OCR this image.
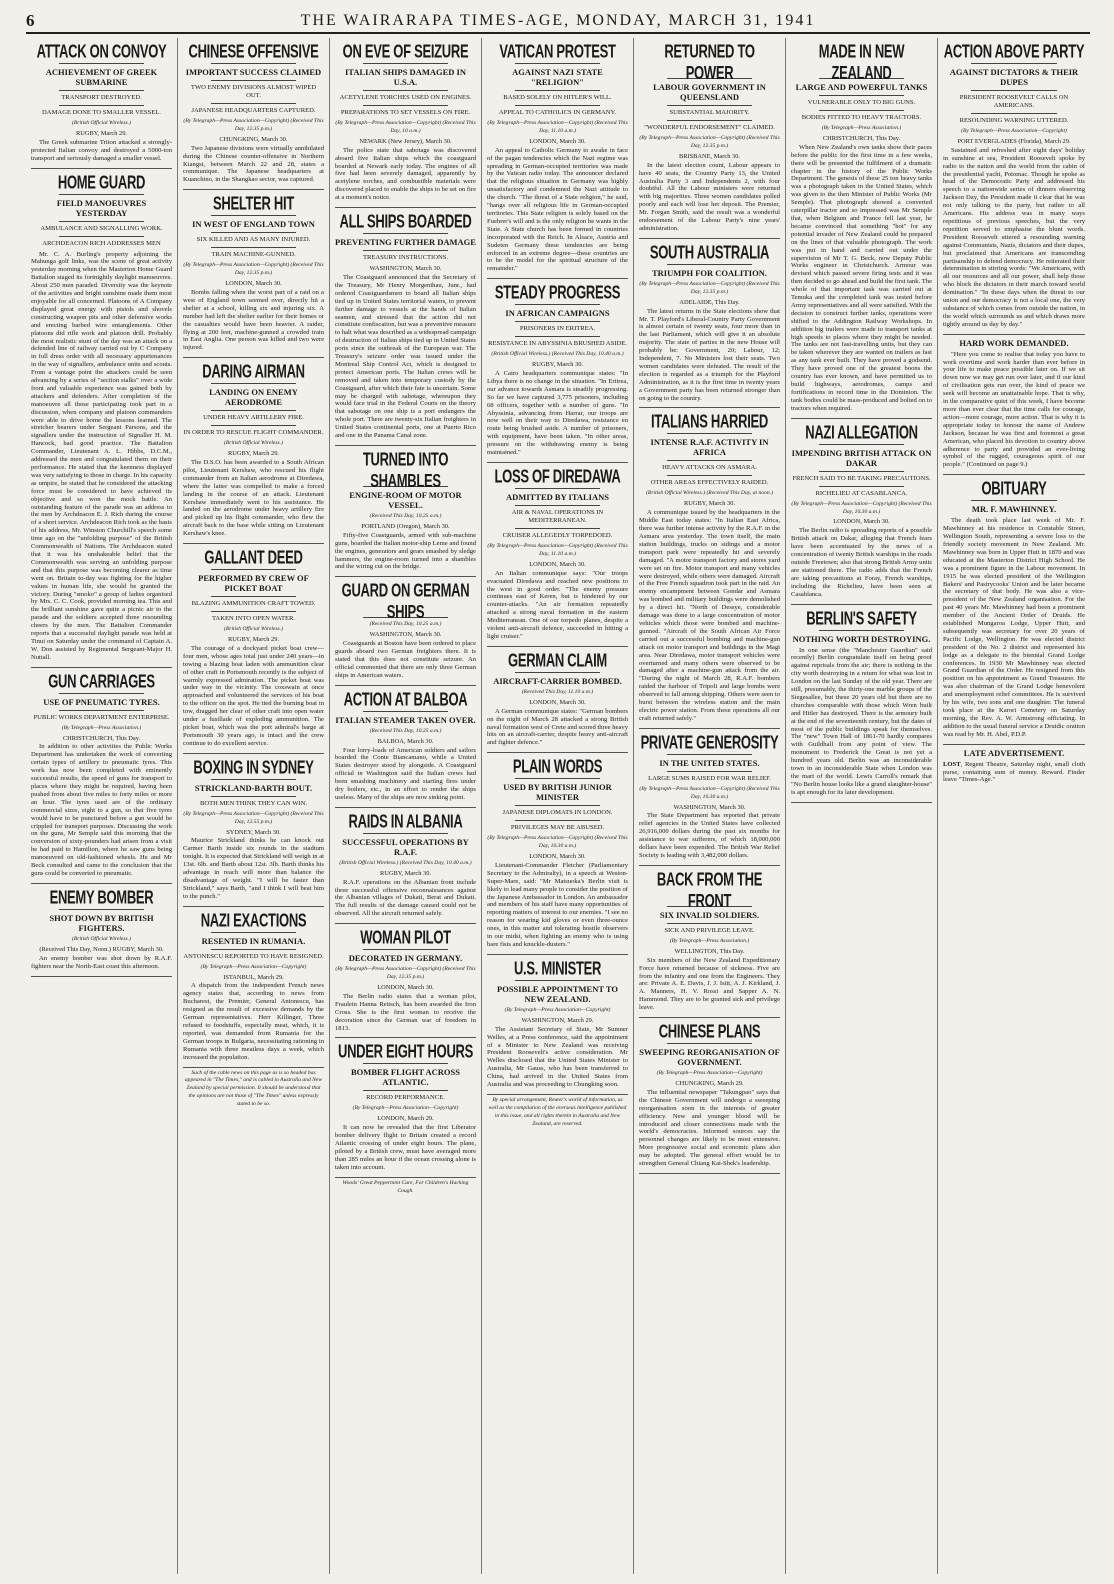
6	THE WAIRARAPA TIMES-AGE, MONDAY, MARCH 31, 1941
ATTACK ON CONVOY
ACHIEVEMENT OF GREEK SUBMARINE
TRANSPORT DESTROYED.
DAMAGE DONE TO SMALLER VESSEL.
(British Official Wireless.)
RUGBY, March 29.
The Greek submarine Triton attacked a strongly-protected Italian convoy and destroyed a 5000-ton transport and seriously damaged a smaller vessel.
HOME GUARD
FIELD MANOEUVRES YESTERDAY
AMBULANCE AND SIGNALLING WORK.
ARCHDEACON RICH ADDRESSES MEN
Mr. C. A. Burling's property adjoining the Mahunga golf links, was the scene of great activity yesterday morning when the Masterton Home Guard Battalion staged its fortnightly daylight manoeuvres. About 250 men paraded. Diversity was the keynote of the activities and bright sunshine made them most enjoyable for all concerned. Platoons of A Company displayed great energy with pistols and shovels constructing weapon pits and other defensive works and erecting barbed wire entanglements. Other platoons did rifle work and platoon drill. Probably the most realistic stunt of the day was an attack on a defended line of railway carried out by C Company in full dress order with all necessary appurtenances in the way of signallers, ambulance units and scouts. From a vantage point the attackers could be seen advancing by a series of "section stalks" over a wide front and valuable experience was gained both by attackers and defenders. After completion of the manoeuvre all those participating took part in a discussion, when company and platoon commanders were able to drive home the lessons learned. The stretcher bearers under Sergeant Parsons, and the signallers under the instruction of Signaller H. M. Hancock, had good practice. The Battalion Commander, Lieutenant A. L. Hibbs, D.C.M., addressed the men and congratulated them on their performance. He stated that the keenness displayed was very satisfying to those in charge. In his capacity as umpire, he stated that he considered the attacking force must be considered to have achieved its objective and so won the mock battle. An outstanding feature of the parade was an address to the men by Archdeacon E. J. Rich during the course of a short service. Archdeacon Rich took as the basis of his address, Mr. Winston Churchill's speech some time ago on the "unfolding purpose" of the British Commonwealth of Nations. The Archdeacon stated that it was his unshakeable belief that the Commonwealth was serving an unfolding purpose and that this purpose was becoming clearer as time went on. Britain to-day was fighting for the higher values in human life, she would be granted the victory. During "smoko" a group of ladies organised by Mrs. C. C. Cook, provided morning tea. This and the brilliant sunshine gave quite a picnic air to the parade and the soldiers accepted three resounding cheers by the men. The Battalion Commander reports that a successful daylight parade was held at Tinui on Saturday under the command of Captain A. W. Don assisted by Regimental Sergeant-Major H. Nuttall.
GUN CARRIAGES
USE OF PNEUMATIC TYRES.
PUBLIC WORKS DEPARTMENT ENTERPRISE.
(By Telegraph—Press Association.)
CHRISTCHURCH, This Day.
In addition to other activities the Public Works Department has undertaken the work of converting certain types of artillery to pneumatic tyres. This work has now been completed with eminently successful results, the speed of guns for transport to places where they might be required, having been pushed from about five miles to forty miles or more an hour. The tyres used are of the ordinary commercial sizes, eight to a gun, so that five tyres would have to be punctured before a gun would be crippled for transport purposes. Discussing the work on the guns, Mr Semple said this morning that the conversion of sixty-pounders had arisen from a visit he had paid to Hamilton, where he saw guns being manoeuvred on old-fashioned wheels. He and Mr Beck consulted and came to the conclusion that the guns could be converted to pneumatic.
ENEMY BOMBER
SHOT DOWN BY BRITISH FIGHTERS.
(British Official Wireless.)
(Received This Day, Noon.) RUGBY, March 30.
An enemy bomber was shot down by R.A.F. fighters near the North-East coast this afternoon.
CHINESE OFFENSIVE
IMPORTANT SUCCESS CLAIMED
TWO ENEMY DIVISIONS ALMOST WIPED OUT.
JAPANESE HEADQUARTERS CAPTURED.
(By Telegraph—Press Association—Copyright) (Received This Day, 12.35 p.m.)
CHUNGKING, March 30.
Two Japanese divisions were virtually annihilated during the Chinese counter-offensive in Northern Kiangsi, between March 22 and 28, states a communique. The Japanese headquarters at Kuanchino, in the Shangkao sector, was captured.
SHELTER HIT
IN WEST OF ENGLAND TOWN
SIX KILLED AND AS MANY INJURED.
TRAIN MACHINE-GUNNED.
(By Telegraph—Press Association—Copyright) (Received This Day, 12.35 p.m.)
LONDON, March 30.
Bombs falling when the worst part of a raid on a west of England town seemed over, directly hit a shelter at a school, killing six and injuring six. A number had left the shelter earlier for their homes or the casualties would have been heavier. A raider, flying at 200 feet, machine-gunned a crowded train in East Anglia. One person was killed and two were injured.
DARING AIRMAN
LANDING ON ENEMY AERODROME
UNDER HEAVY ARTILLERY FIRE.
IN ORDER TO RESCUE FLIGHT COMMANDER.
(British Official Wireless.)
RUGBY, March 29.
The D.S.O. has been awarded to a South African pilot, Lieutenant Kershaw, who rescued his flight commander from an Italian aerodrome at Diredawa, where the latter was compelled to make a forced landing in the course of an attack. Lieutenant Kershaw immediately went to his assistance. He landed on the aerodrome under heavy artillery fire and picked up his flight commander, who flew the aircraft back to the base while sitting on Lieutenant Kershaw's knee.
GALLANT DEED
PERFORMED BY CREW OF PICKET BOAT
BLAZING AMMUNITION CRAFT TOWED.
TAKEN INTO OPEN WATER.
(British Official Wireless.)
RUGBY, March 29.
The courage of a dockyard picket boat crew—four men, whose ages total just under 240 years—in towing a blazing boat laden with ammunition clear of other craft in Portsmouth recently is the subject of warmly expressed admiration. The picket boat was under way in the vicinity. The coxswain at once approached and volunteered the services of his boat to the officer on the spot. He tied the burning boat in tow, dragged her clear of other craft into open water under a fusillade of exploding ammunition. The picket boat, which was the port admiral's barge at Portsmouth 30 years ago, is intact and the crew continue to do excellent service.
BOXING IN SYDNEY
STRICKLAND-BARTH BOUT.
BOTH MEN THINK THEY CAN WIN.
(By Telegraph—Press Association—Copyright) (Received This Day, 12.55 p.m.)
SYDNEY, March 30.
Maurice Strickland thinks he can knock out Carmer Barth inside six rounds in the stadium tonight. It is expected that Strickland will weigh in at 13st. 6lb. and Barth about 12st. 3lb. Barth thinks his advantage in reach will more than balance the disadvantage of weight. "I will be faster than Strickland," says Barth, "and I think I will beat him to the punch."
NAZI EXACTIONS
RESENTED IN RUMANIA.
ANTONESCU REPORTED TO HAVE RESIGNED.
(By Telegraph—Press Association—Copyright)
ISTANBUL, March 29.
A dispatch from the independent French news agency states that, according to news from Bucharest, the Premier, General Antonescu, has resigned as the result of excessive demands by the German representatives. Herr Killinger, Three refused to foodstuffs, especially meat, which, it is reported, was demanded from Rumania for the German troops in Bulgaria, necessitating rationing in Rumania with three meatless days a week, which increased the population.
Such of the cable news on this page as is so headed has appeared in "The Times," and is cabled to Australia and New Zealand by special permission. It should be understood that the opinions are not those of "The Times" unless expressly stated to be so.
ON EVE OF SEIZURE
ITALIAN SHIPS DAMAGED IN U.S.A.
ACETYLENE TORCHES USED ON ENGINES.
PREPARATIONS TO SET VESSELS ON FIRE.
(By Telegraph—Press Association—Copyright) (Received This Day, 10 a.m.)
NEWARK (New Jersey), March 30.
The police state that sabotage was discovered aboard five Italian ships which the coastguard boarded at Newark early today. The engines of all five had been severely damaged, apparently by acetylene torches, and combustible materials were discovered placed to enable the ships to be set on fire at a moment's notice.
ALL SHIPS BOARDED
PREVENTING FURTHER DAMAGE
TREASURY INSTRUCTIONS.
WASHINGTON, March 30.
The Coastguard announced that the Secretary of the Treasury, Mr Henry Morgenthau, Junr., had ordered Coastguardsmen to board all Italian ships tied up in United States territorial waters, to prevent further damage to vessels at the hands of Italian seamen, and stressed that the action did not constitute confiscation, but was a preventive measure to halt what was described as a widespread campaign of destruction of Italian ships tied up in United States ports since the outbreak of the European war. The Treasury's seizure order was issued under the Montreal Ship Control Act, which is designed to protect American ports. The Italian crews will be removed and taken into temporary custody by the Coastguard, after which their fate is uncertain. Some may be charged with sabotage, whereupon they would face trial in the Federal Courts on the theory that sabotage on one ship is a port endangers the whole port. There are twenty-six Italian freighters in United States continental ports, one at Puerto Rico and one in the Panama Canal zone.
TURNED INTO SHAMBLES
ENGINE-ROOM OF MOTOR VESSEL.
(Received This Day, 10.25 a.m.)
PORTLAND (Oregon), March 30.
Fifty-five Coastguards, armed with sub-machine guns, boarded the Italian motor-ship Leme and found the engines, generators and gears smashed by sledge hammers, the engine-room turned into a shambles and the wiring cut on the bridge.
GUARD ON GERMAN SHIPS
(Received This Day, 10.25 a.m.)
WASHINGTON, March 30.
Coastguards at Boston have been ordered to place guards aboard two German freighters there. It is stated that this does not constitute seizure. An official commented that there are only three German ships in American waters.
ACTION AT BALBOA
ITALIAN STEAMER TAKEN OVER.
(Received This Day, 10.25 a.m.)
BALBOA, March 30.
Four lorry-loads of American soldiers and sailors boarded the Conte Biancamano, while a United States destroyer stood by alongside. A Coastguard official in Washington said the Italian crews had been smashing machinery and starting fires under dry boilers, etc., in an effort to render the ships useless. Many of the ships are now sinking point.
RAIDS IN ALBANIA
SUCCESSFUL OPERATIONS BY R.A.F.
(British Official Wireless.) (Received This Day, 10.40 a.m.)
RUGBY, March 30.
R.A.F. operations on the Albanian front include three successful offensive reconnaissances against the Albanian villages of Dukati, Berat and Dukati. The full results of the damage caused could not be observed. All the aircraft returned safely.
WOMAN PILOT
DECORATED IN GERMANY.
(By Telegraph—Press Association—Copyright) (Received This Day, 12.35 p.m.)
LONDON, March 30.
The Berlin radio states that a woman pilot, Fraulein Hanna Reitsch, has been awarded the Iron Cross. She is the first woman to receive the decoration since the German war of freedom in 1813.
UNDER EIGHT HOURS
BOMBER FLIGHT ACROSS ATLANTIC.
RECORD PERFORMANCE.
(By Telegraph—Press Association—Copyright)
LONDON, March 29.
It can now be revealed that the first Liberator bomber delivery flight to Britain created a record Atlantic crossing of under eight hours. The plane, piloted by a British crew, must have averaged more than 285 miles an hour if the ocean crossing alone is taken into account.
Woods' Great Peppermint Cure, For Children's Hacking Cough.
VATICAN PROTEST
AGAINST NAZI STATE "RELIGION"
BASED SOLELY ON HITLER'S WILL.
APPEAL TO CATHOLICS IN GERMANY.
(By Telegraph—Press Association—Copyright) (Received This Day, 11.10 a.m.)
LONDON, March 30.
An appeal to Catholic Germany to awake in face of the pagan tendencies which the Nazi regime was spreading in German-occupied territories was made by the Vatican radio today. The announcer declared that the religious situation in Germany was highly unsatisfactory and condemned the Nazi attitude to the church. "The threat of a State religion," he said, "hangs over all religious life in German-occupied territories. This State religion is solely based on the Fuehrer's will and is the only religion he wants in the State. A State church has been formed in countries incorporated with the Reich. In Alsace, Austria and Sudeten Germany these tendencies are being enforced in an extreme degree—these countries are to be the model for the spiritual structure of the remainder."
STEADY PROGRESS
IN AFRICAN CAMPAIGNS
PRISONERS IN ERITREA.
RESISTANCE IN ABYSSINIA BRUSHED ASIDE.
(British Official Wireless.) (Received This Day, 10.40 a.m.)
RUGBY, March 30.
A Cairo headquarters communique states: "In Libya there is no change in the situation. "In Eritrea, our advance towards Asmara is steadily progressing. So far we have captured 3,775 prisoners, including 68 officers, together with a number of guns. "In Abyssinia, advancing from Harrar, our troops are now well on their way to Diredawa, resistance en route being brushed aside. A number of prisoners, with equipment, have been taken. "In other areas, pressure on the withdrawing enemy is being maintained."
LOSS OF DIREDAWA
ADMITTED BY ITALIANS
AIR & NAVAL OPERATIONS IN MEDITERRANEAN.
CRUISER ALLEGEDLY TORPEDOED.
(By Telegraph—Press Association—Copyright) (Received This Day, 11.10 a.m.)
LONDON, March 30.
An Italian communique says: "Our troops evacuated Diredawa and reached new positions to the west in good order. "The enemy pressure continues east of Keren, but is hindered by our counter-attacks. "An air formation repeatedly attacked a strong naval formation in the eastern Mediterranean. One of our torpedo planes, despite a violent anti-aircraft defence, succeeded in hitting a light cruiser."
GERMAN CLAIM
AIRCRAFT-CARRIER BOMBED.
(Received This Day, 11.10 a.m.)
LONDON, March 30.
A German communique states: "German bombers on the night of March 28 attacked a strong British naval formation west of Crete and scored three heavy hits on an aircraft-carrier, despite heavy anti-aircraft and fighter defence."
PLAIN WORDS
USED BY BRITISH JUNIOR MINISTER
JAPANESE DIPLOMATS IN LONDON.
PRIVILEGES MAY BE ABUSED.
(By Telegraph—Press Association—Copyright) (Received This Day, 10.30 a.m.)
LONDON, March 30.
Lieutenant-Commander Fletcher (Parliamentary Secretary to the Admiralty), in a speech at Weston-Super-Mare, said: "Mr Matsuoka's Berlin visit is likely to lead many people to consider the position of the Japanese Ambassador in London. An ambassador and members of his staff have many opportunities of reporting matters of interest to our enemies. "I see no reason for wearing kid gloves or even three-ounce ones, in this matter and tolerating hostile observers in our midst, when fighting an enemy who is using bare fists and knuckle-dusters."
U.S. MINISTER
POSSIBLE APPOINTMENT TO NEW ZEALAND.
(By Telegraph—Press Association—Copyright)
WASHINGTON, March 29.
The Assistant Secretary of State, Mr Sumner Welles, at a Press conference, said the appointment of a Minister to New Zealand was receiving President Roosevelt's active consideration. Mr Welles disclosed that the United States Minister to Australia, Mr Gauss, who has been transferred to China, had arrived in the United States from Australia and was proceeding to Chungking soon.
By special arrangement, Reuter's world of information, as well as the compilation of the overseas intelligence published in this issue, and all rights therein in Australia and New Zealand, are reserved.
RETURNED TO POWER
LABOUR GOVERNMENT IN QUEENSLAND
SUBSTANTIAL MAJORITY.
"WONDERFUL ENDORSEMENT" CLAIMED.
(By Telegraph—Press Association—Copyright) (Received This Day, 12.35 p.m.)
BRISBANE, March 30.
In the latest election count, Labour appears to have 40 seats, the Country Party 13, the United Australia Party 3 and Independents 2, with four doubtful. All the Labour ministers were returned with big majorities. Three women candidates polled poorly and each will lose her deposit. The Premier, Mr. Forgan Smith, said the result was a wonderful endorsement of the Labour Party's nine years' administration.
SOUTH AUSTRALIA
TRIUMPH FOR COALITION.
(By Telegraph—Press Association—Copyright) (Received This Day, 12.35 p.m.)
ADELAIDE, This Day.
The latest returns in the State elections show that Mr. T. Playford's Liberal-Country Party Government is almost certain of twenty seats, four more than in the last Parliament, which will give it an absolute majority. The state of parties in the new House will probably be: Government, 20; Labour, 12; Independent, 7. No Ministers lost their seats. Two women candidates were defeated. The result of the election is regarded as a triumph for the Playford Administration, as it is the first time in twenty years a Government party has been returned stronger than on going to the country.
ITALIANS HARRIED
INTENSE R.A.F. ACTIVITY IN AFRICA
HEAVY ATTACKS ON ASMARA.
OTHER AREAS EFFECTIVELY RAIDED.
(British Official Wireless.) (Received This Day, at noon.)
RUGBY, March 30.
A communique issued by the headquarters in the Middle East today states: "In Italian East Africa, there was further intense activity by the R.A.F. in the Asmara area yesterday. The town itself, the main station buildings, trucks on sidings and a motor transport park were repeatedly hit and severely damaged. "A motor transport factory and stores yard were set on fire. Motor transport and many vehicles were destroyed, while others were damaged. Aircraft of the Free French squadron took part in the raid. An enemy encampment between Gondar and Asmara was bombed and military buildings were demolished by a direct hit. "North of Dessye, considerable damage was done to a large concentration of motor vehicles which those were bombed and machine-gunned. "Aircraft of the South African Air Force carried out a successful bombing and machine-gun attack on motor transport and buildings in the Magi area. Near Diredawa, motor transport vehicles were overturned and many others were observed to be damaged after a machine-gun attack from the air. "During the night of March 28, R.A.F. bombers raided the harbour of Tripoli and large bombs were observed to fall among shipping. Others were seen to burst between the wireless station and the main electric power station. From these operations all our craft returned safely."
PRIVATE GENEROSITY
IN THE UNITED STATES.
LARGE SUMS RAISED FOR WAR RELIEF.
(By Telegraph—Press Association—Copyright) (Received This Day, 10.30 a.m.)
WASHINGTON, March 30.
The State Department has reported that private relief agencies in the United States have collected 26,916,000 dollars during the past six months for assistance to war sufferers, of which 18,000,000 dollars have been expended. The British War Relief Society is leading with 3,482,000 dollars.
BACK FROM THE FRONT
SIX INVALID SOLDIERS.
SICK AND PRIVILEGE LEAVE.
(By Telegraph—Press Association.)
WELLINGTON, This Day.
Six members of the New Zealand Expeditionary Force have returned because of sickness. Five are from the infantry and one from the Engineers. They are: Private A. E. Davis, J. J. Isitt, A. J. Kirkland, J. A. Manners, H. V. Rossi and Sapper A. N. Hammond. They are to be granted sick and privilege leave.
CHINESE PLANS
SWEEPING REORGANISATION OF GOVERNMENT.
(By Telegraph—Press Association—Copyright)
CHUNGKING, March 29.
The influential newspaper "Takungpao" says that the Chinese Government will undergo a sweeping reorganisation soon in the interests of greater efficiency. New and younger blood will be introduced and closer connections made with the world's democracies. Informed sources say the personnel changes are likely to be most extensive. More progressive social and economic plans also may be adopted. The general effort would be to strengthen General Chiang Kai-Shek's leadership.
MADE IN NEW ZEALAND
LARGE AND POWERFUL TANKS
VULNERABLE ONLY TO BIG GUNS.
BODIES FITTED TO HEAVY TRACTORS.
(By Telegraph—Press Association.)
CHRISTCHURCH, This Day.
When New Zealand's own tanks show their paces before the public for the first time in a few weeks, there will be presented the fulfilment of a dramatic chapter in the history of the Public Works Department. The genesis of these 25 ton heavy tanks was a photograph taken in the United States, which was given to the then Minister of Public Works (Mr Semple). That photograph showed a converted caterpillar tractor and so impressed was Mr Semple that, when Belgium and France fell last year, he became convinced that something "hot" for any potential invader of New Zealand could be prepared on the lines of that valuable photograph. The work was put in hand and carried out under the supervision of Mr T. G. Beck, now Deputy Public Works engineer in Christchurch. Armour was devised which passed severe firing tests and it was then decided to go ahead and build the first tank. The whole of that important task was carried out at Temuka and the completed tank was tested before Army representatives and all were satisfied. With the decision to construct further tanks, operations were shifted to the Addington Railway Workshops. In addition big trailers were made to transport tanks at high speeds to places where they might be needed. The tanks are not fast-travelling units, but they can be taken wherever they are wanted on trailers as fast as any tank ever built. They have proved a godsend. They have proved one of the greatest boons the country has ever known, and have permitted us to build highways, aerodromes, camps and fortifications in record time in the Dominion. The tank bodies could be mass-produced and bolted on to tractors when required.
NAZI ALLEGATION
IMPENDING BRITISH ATTACK ON DAKAR
FRENCH SAID TO BE TAKING PRECAUTIONS.
RICHELIEU AT CASABLANCA.
(By Telegraph—Press Association—Copyright) (Received This Day, 10.30 a.m.)
LONDON, March 30.
The Berlin radio is spreading reports of a possible British attack on Dakar, alleging that French fears have been accentuated by the news of a concentration of twenty British warships in the roads outside Freetown; also that strong British Army units are stationed there. The radio adds that the French are taking precautions at Foray, French warships, including the Richelieu, have been seen at Casablanca.
BERLIN'S SAFETY
NOTHING WORTH DESTROYING.
In one sense (the "Manchester Guardian" said recently) Berlin congratulate itself on being proof against reprisals from the air; there is nothing in the city worth destroying in a return for what was lost in London on the last Sunday of the old year. There are still, presumably, the thirty-one marble groups of the Siegesallee, but these 20 years old but there are no churches comparable with those which Wren built and Hitler has destroyed. There is the armoury built at the end of the seventeenth century, but the dates of most of the public buildings speak for themselves. The "new" Town Hall of 1861-70 hardly compares with Guildhall from any point of view. The monument to Frederick the Great is not yet a hundred years old. Berlin was an inconsiderable town in an inconsiderable State when London was the mart of the world. Lewis Carroll's remark that "No Berlin house looks like a grand slaughter-house" is apt enough for its later development.
ACTION ABOVE PARTY
AGAINST DICTATORS & THEIR DUPES
PRESIDENT ROOSEVELT CALLS ON AMERICANS.
RESOUNDING WARNING UTTERED.
(By Telegraph—Press Association—Copyright)
PORT EVERGLADES (Florida), March 29.
Sustained and refreshed after eight days' holiday in sunshine at sea, President Roosevelt spoke by radio to the nation and the world from the cabin of the presidential yacht, Potomac. Though he spoke as head of the Democratic Party and addressed his speech to a nationwide series of dinners observing Jackson Day, the President made it clear that he was not only talking to the party, but rather to all Americans. His address was in many ways repetitious of previous speeches, but the very repetition served to emphasise the blunt words. President Roosevelt uttered a resounding warning against Communists, Nazis, dictators and their dupes, but proclaimed that Americans are transcending partisanship to defend democracy. He reiterated their determination in stirring words: "We Americans, with all our resources and all our power, shall help those who block the dictators in their march toward world domination." "In these days when the threat to our union and our democracy is not a local one, the very substance of which comes from outside the nation, in the world which surrounds us and which draws more tightly around us day by day."
HARD WORK DEMANDED.
"Here you come to realise that today you have to work overtime and work harder than ever before in your life to make peace possible later on. If we sit down now we may get run over later, and if our kind of civilisation gets run over, the kind of peace we seek will become an unattainable hope. That is why, in the comparative quiet of this week, I have become more than ever clear that the time calls for courage, action—more courage, more action. That is why it is appropriate today to honour the name of Andrew Jackson, because he was first and foremost a great American, who placed his devotion to country above adherence to party and provided an ever-living symbol of the rugged, courageous spirit of our people." (Continued on page 9.)
OBITUARY
MR. F. MAWHINNEY.
The death took place last week of Mr. F. Mawhinney at his residence in Constable Street, Wellington South, representing a severe loss to the friendly society movement in New Zealand. Mr. Mawhinney was born in Upper Hutt in 1870 and was educated at the Masterton District High School. He was a prominent figure in the Labour movement. In 1915 he was elected president of the Wellington Bakers' and Pastrycooks' Union and he later became the secretary of that body. He was also a vice-president of the New Zealand organisation. For the past 40 years Mr. Mawhinney had been a prominent member of the Ancient Order of Druids. He established Mungaroa Lodge, Upper Hutt, and subsequently was secretary for over 20 years of Pacific Lodge, Wellington. He was elected district president of the No. 2 district and represented his lodge as a delegate to the biennial Grand Lodge conferences. In 1930 Mr Mawhinney was elected Grand Guardian of the Order. He resigned from this position on his appointment as Grand Treasurer. He was also chairman of the Grand Lodge benevolent and unemployment relief committees. He is survived by his wife, two sons and one daughter. The funeral took place at the Karori Cemetery on Saturday morning, the Rev. A. W. Armstrong officiating. In addition to the usual funeral service a Druidic oration was read by Mr. H. Abel, P.D.P.
LATE ADVERTISEMENT.
LOST, Regent Theatre, Saturday night, small cloth purse, containing sum of money. Reward. Finder leave "Times-Age."
